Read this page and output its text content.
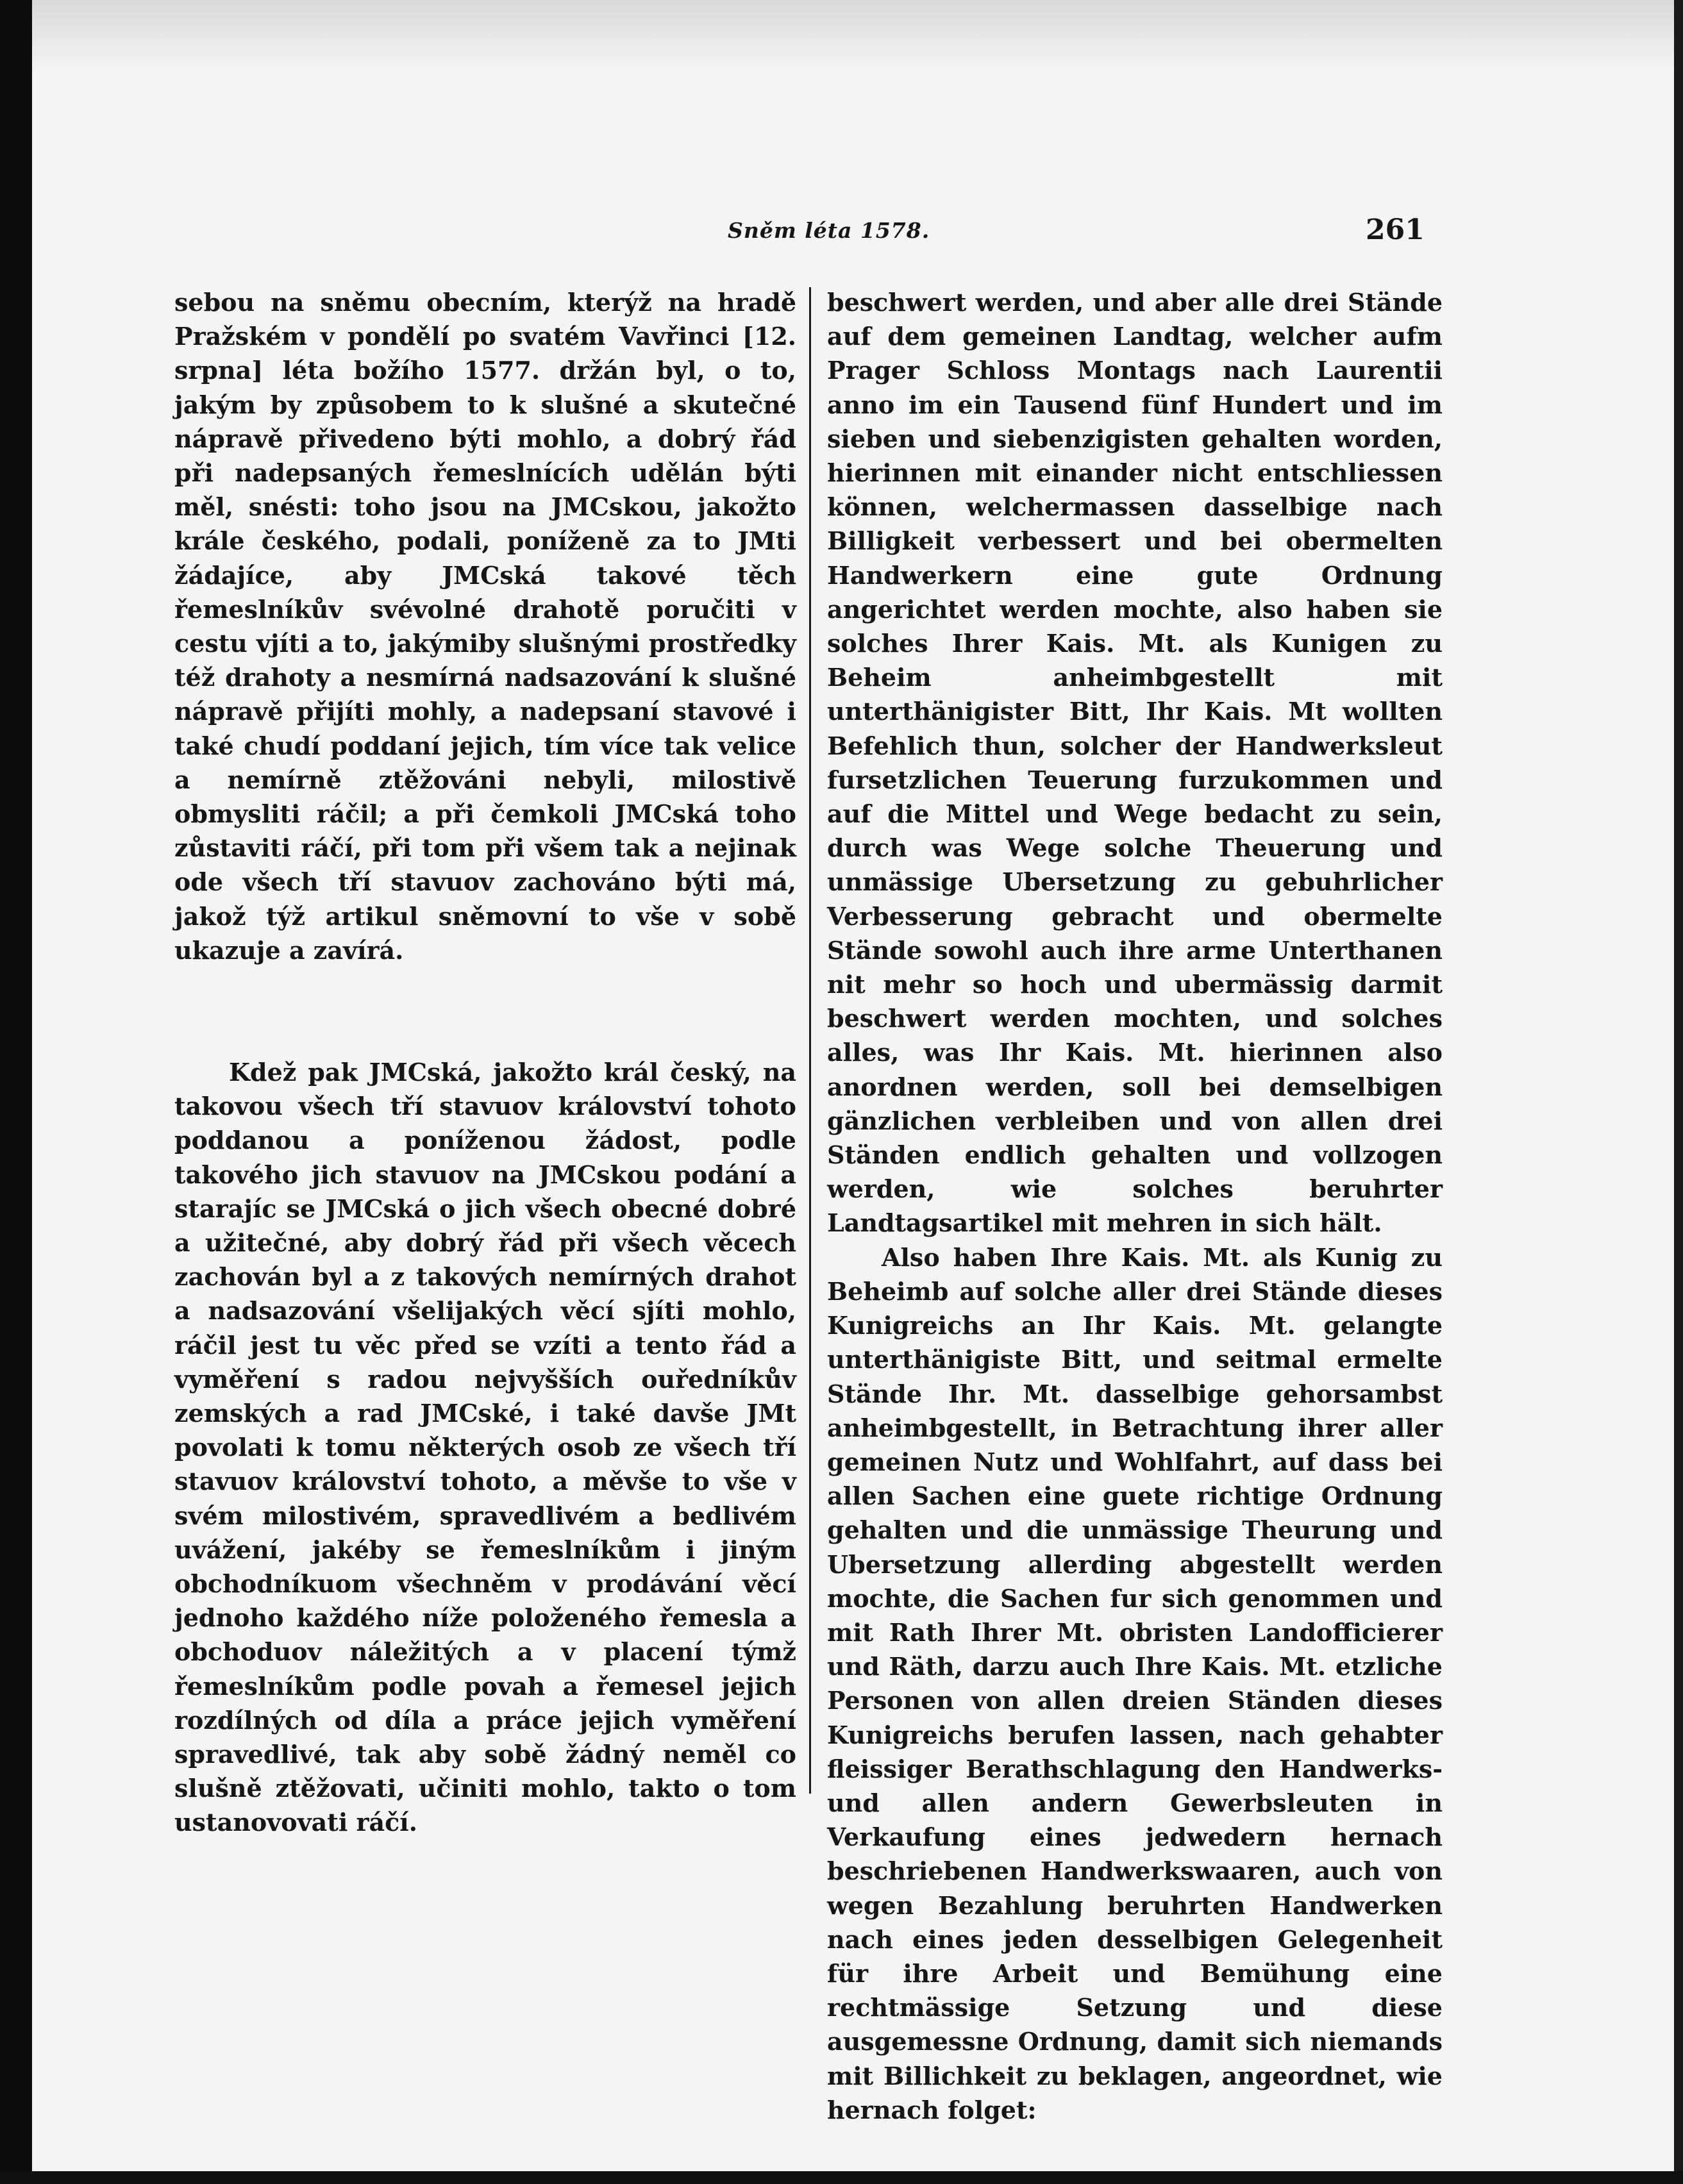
Sněm léta 1578.	261

sebou na sněmu obecním, kterýž na hradě Pražském v pondělí po svatém Vavřinci [12. srpna] léta božího 1577. držán byl, o to, jakým by způsobem to k slušné a skutečné nápravě přivedeno býti mohlo, a dobrý řád při nadepsaných řemeslnících udělán býti měl, snésti: toho jsou na JMCskou, jakožto krále českého, podali, poníženě za to JMti žádajíce, aby JMCská takové těch řemeslníkův svévolné drahotě poručiti v cestu vjíti a to, jakýmiby slušnými prostředky též drahoty a nesmírná nadsazování k slušné nápravě přijíti mohly, a nadepsaní stavové i také chudí poddaní jejich, tím více tak velice a nemírně ztěžováni nebyli, milostivě obmysliti ráčil; a při čemkoli JMCská toho zůstaviti ráčí, při tom při všem tak a nejinak ode všech tří stavuov zachováno býti má, jakož týž artikul sněmovní to vše v sobě ukazuje a zavírá.

Kdež pak JMCská, jakožto král český, na takovou všech tří stavuov království tohoto poddanou a poníženou žádost, podle takového jich stavuov na JMCskou podání a starajíc se JMCská o jich všech obecné dobré a užitečné, aby dobrý řád při všech věcech zachován byl a z takových nemírných drahot a nadsazování všelijakých věcí sjíti mohlo, ráčil jest tu věc před se vzíti a tento řád a vyměření s radou nejvyšších ouředníkův zemských a rad JMCské, i také davše JMt povolati k tomu některých osob ze všech tří stavuov království tohoto, a měvše to vše v svém milostivém, spravedlivém a bedlivém uvážení, jakéby se řemeslníkům i jiným obchodníkuom všechněm v prodávání věcí jednoho každého níže položeného řemesla a obchoduov náležitých a v placení týmž řemeslníkům podle povah a řemesel jejich rozdílných od díla a práce jejich vyměření spravedlivé, tak aby sobě žádný neměl co slušně ztěžovati, učiniti mohlo, takto o tom ustanovovati ráčí.

beschwert werden, und aber alle drei Stände auf dem gemeinen Landtag, welcher aufm Prager Schloss Montags nach Laurentii anno im ein Tausend fünf Hundert und im sieben und siebenzigisten gehalten worden, hierinnen mit einander nicht entschliessen können, welchermassen dasselbige nach Billigkeit verbessert und bei obermelten Handwerkern eine gute Ordnung angerichtet werden mochte, also haben sie solches Ihrer Kais. Mt. als Kunigen zu Beheim anheimbgestellt mit unterthänigister Bitt, Ihr Kais. Mt wollten Befehlich thun, solcher der Handwerksleut fursetzlichen Teuerung furzukommen und auf die Mittel und Wege bedacht zu sein, durch was Wege solche Theuerung und unmässige Ubersetzung zu gebuhrlicher Verbesserung gebracht und obermelte Stände sowohl auch ihre arme Unterthanen nit mehr so hoch und ubermässig darmit beschwert werden mochten, und solches alles, was Ihr Kais. Mt. hierinnen also anordnen werden, soll bei demselbigen gänzlichen verbleiben und von allen drei Ständen endlich gehalten und vollzogen werden, wie solches beruhrter Landtagsartikel mit mehren in sich hält.

Also haben Ihre Kais. Mt. als Kunig zu Beheimb auf solche aller drei Stände dieses Kunigreichs an Ihr Kais. Mt. gelangte unterthänigiste Bitt, und seitmal ermelte Stände Ihr. Mt. dasselbige gehorsambst anheimbgestellt, in Betrachtung ihrer aller gemeinen Nutz und Wohlfahrt, auf dass bei allen Sachen eine guete richtige Ordnung gehalten und die unmässige Theurung und Ubersetzung allerding abgestellt werden mochte, die Sachen fur sich genommen und mit Rath Ihrer Mt. obristen Landofficierer und Räth, darzu auch Ihre Kais. Mt. etzliche Personen von allen dreien Ständen dieses Kunigreichs berufen lassen, nach gehabter fleissiger Berathschlagung den Handwerks- und allen andern Gewerbsleuten in Verkaufung eines jedwedern hernach beschriebenen Handwerkswaaren, auch von wegen Bezahlung beruhrten Handwerken nach eines jeden desselbigen Gelegenheit für ihre Arbeit und Bemühung eine rechtmässige Setzung und diese ausgemessne Ordnung, damit sich niemands mit Billichkeit zu beklagen, angeordnet, wie hernach folget:
